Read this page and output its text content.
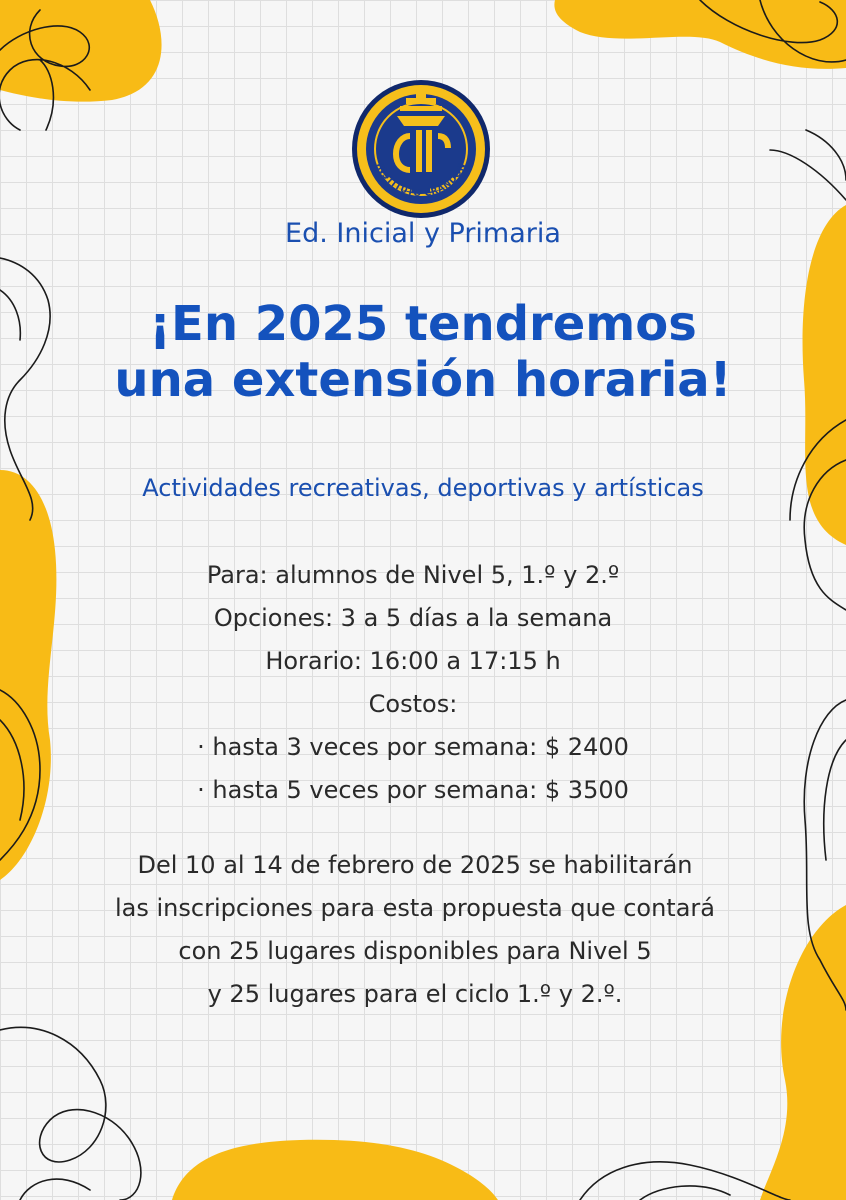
INSTITUTO CRANDON
Ed. Inicial y Primaria
¡En 2025 tendremos
una extensión horaria!
Actividades recreativas, deportivas y artísticas
Para: alumnos de Nivel 5, 1.º y 2.º
Opciones: 3 a 5 días a la semana
Horario: 16:00 a 17:15 h
Costos:
· hasta 3 veces por semana: $ 2400
· hasta 5 veces por semana: $ 3500
Del 10 al 14 de febrero de 2025 se habilitarán
las inscripciones para esta propuesta que contará
con 25 lugares disponibles para Nivel 5
y 25 lugares para el ciclo 1.º y 2.º.
